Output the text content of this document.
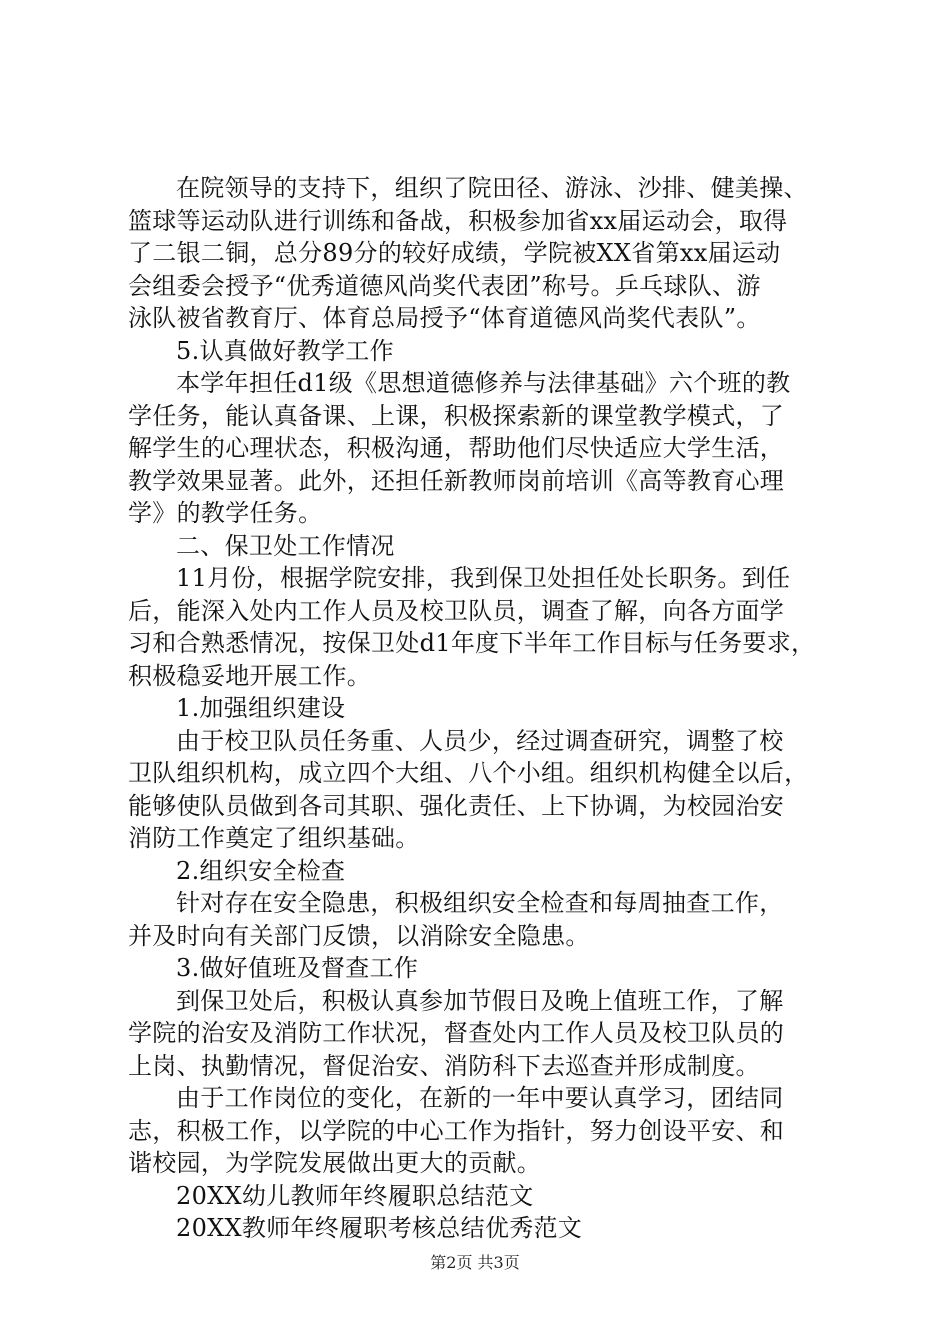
在院领导的支持下，组织了院田径、游泳、沙排、健美操、
篮球等运动队进行训练和备战，积极参加省xx届运动会，取得
了二银二铜，总分89分的较好成绩，学院被XX省第xx届运动
会组委会授予“优秀道德风尚奖代表团”称号。乒乓球队、游
泳队被省教育厅、体育总局授予“体育道德风尚奖代表队”。
5.认真做好教学工作
本学年担任d1级《思想道德修养与法律基础》六个班的教
学任务，能认真备课、上课，积极探索新的课堂教学模式，了
解学生的心理状态，积极沟通，帮助他们尽快适应大学生活，
教学效果显著。此外，还担任新教师岗前培训《高等教育心理
学》的教学任务。
二、保卫处工作情况
11月份，根据学院安排，我到保卫处担任处长职务。到任
后，能深入处内工作人员及校卫队员，调查了解，向各方面学
习和合熟悉情况，按保卫处d1年度下半年工作目标与任务要求，
积极稳妥地开展工作。
1.加强组织建设
由于校卫队员任务重、人员少，经过调查研究，调整了校
卫队组织机构，成立四个大组、八个小组。组织机构健全以后，
能够使队员做到各司其职、强化责任、上下协调，为校园治安
消防工作奠定了组织基础。
2.组织安全检查
针对存在安全隐患，积极组织安全检查和每周抽查工作，
并及时向有关部门反馈，以消除安全隐患。
3.做好值班及督查工作
到保卫处后，积极认真参加节假日及晚上值班工作，了解
学院的治安及消防工作状况，督查处内工作人员及校卫队员的
上岗、执勤情况，督促治安、消防科下去巡查并形成制度。
由于工作岗位的变化，在新的一年中要认真学习，团结同
志，积极工作，以学院的中心工作为指针，努力创设平安、和
谐校园，为学院发展做出更大的贡献。
20XX幼儿教师年终履职总结范文
20XX教师年终履职考核总结优秀范文
第2页 共3页
